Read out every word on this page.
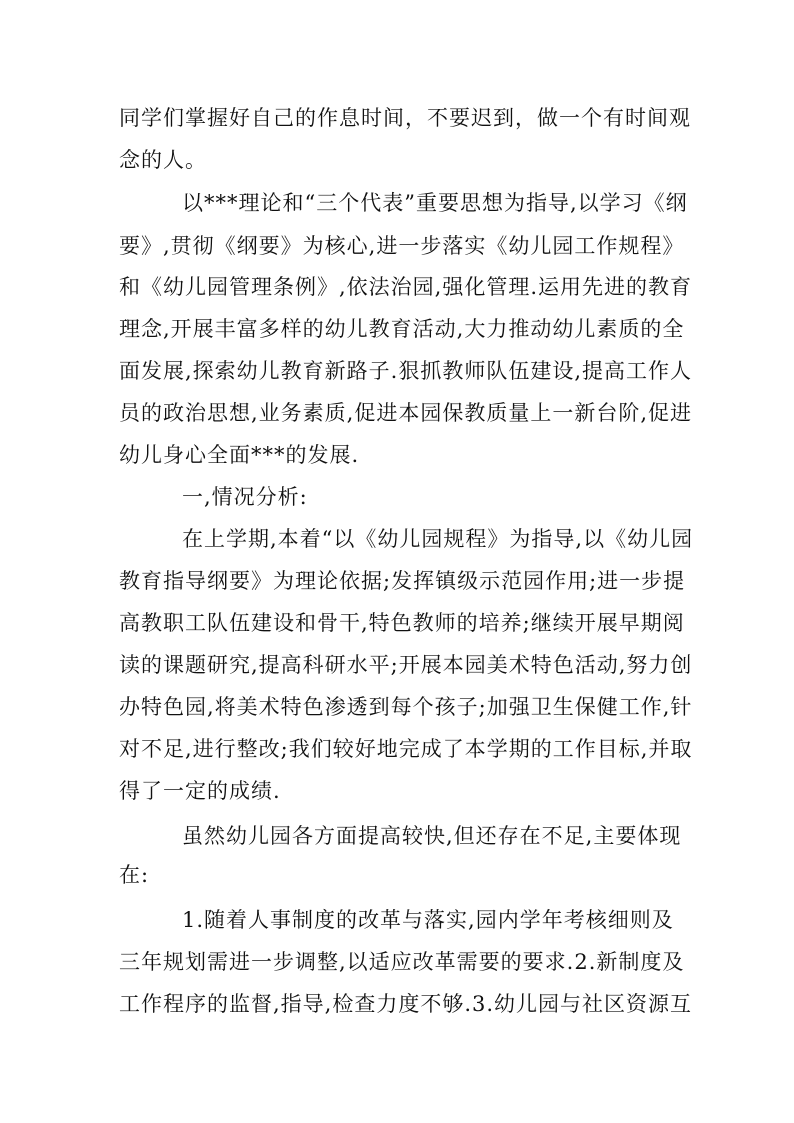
同学们掌握好自己的作息时间，不要迟到，做一个有时间观
念的人。
以***理论和“三个代表”重要思想为指导,以学习《纲
要》,贯彻《纲要》为核心,进一步落实《幼儿园工作规程》
和《幼儿园管理条例》,依法治园,强化管理.运用先进的教育
理念,开展丰富多样的幼儿教育活动,大力推动幼儿素质的全
面发展,探索幼儿教育新路子.狠抓教师队伍建设,提高工作人
员的政治思想,业务素质,促进本园保教质量上一新台阶,促进
幼儿身心全面***的发展.
一,情况分析:
在上学期,本着“以《幼儿园规程》为指导,以《幼儿园
教育指导纲要》为理论依据;发挥镇级示范园作用;进一步提
高教职工队伍建设和骨干,特色教师的培养;继续开展早期阅
读的课题研究,提高科研水平;开展本园美术特色活动,努力创
办特色园,将美术特色渗透到每个孩子;加强卫生保健工作,针
对不足,进行整改;我们较好地完成了本学期的工作目标,并取
得了一定的成绩.
虽然幼儿园各方面提高较快,但还存在不足,主要体现
在:
1.随着人事制度的改革与落实,园内学年考核细则及
三年规划需进一步调整,以适应改革需要的要求.2.新制度及
工作程序的监督,指导,检查力度不够.3.幼儿园与社区资源互
